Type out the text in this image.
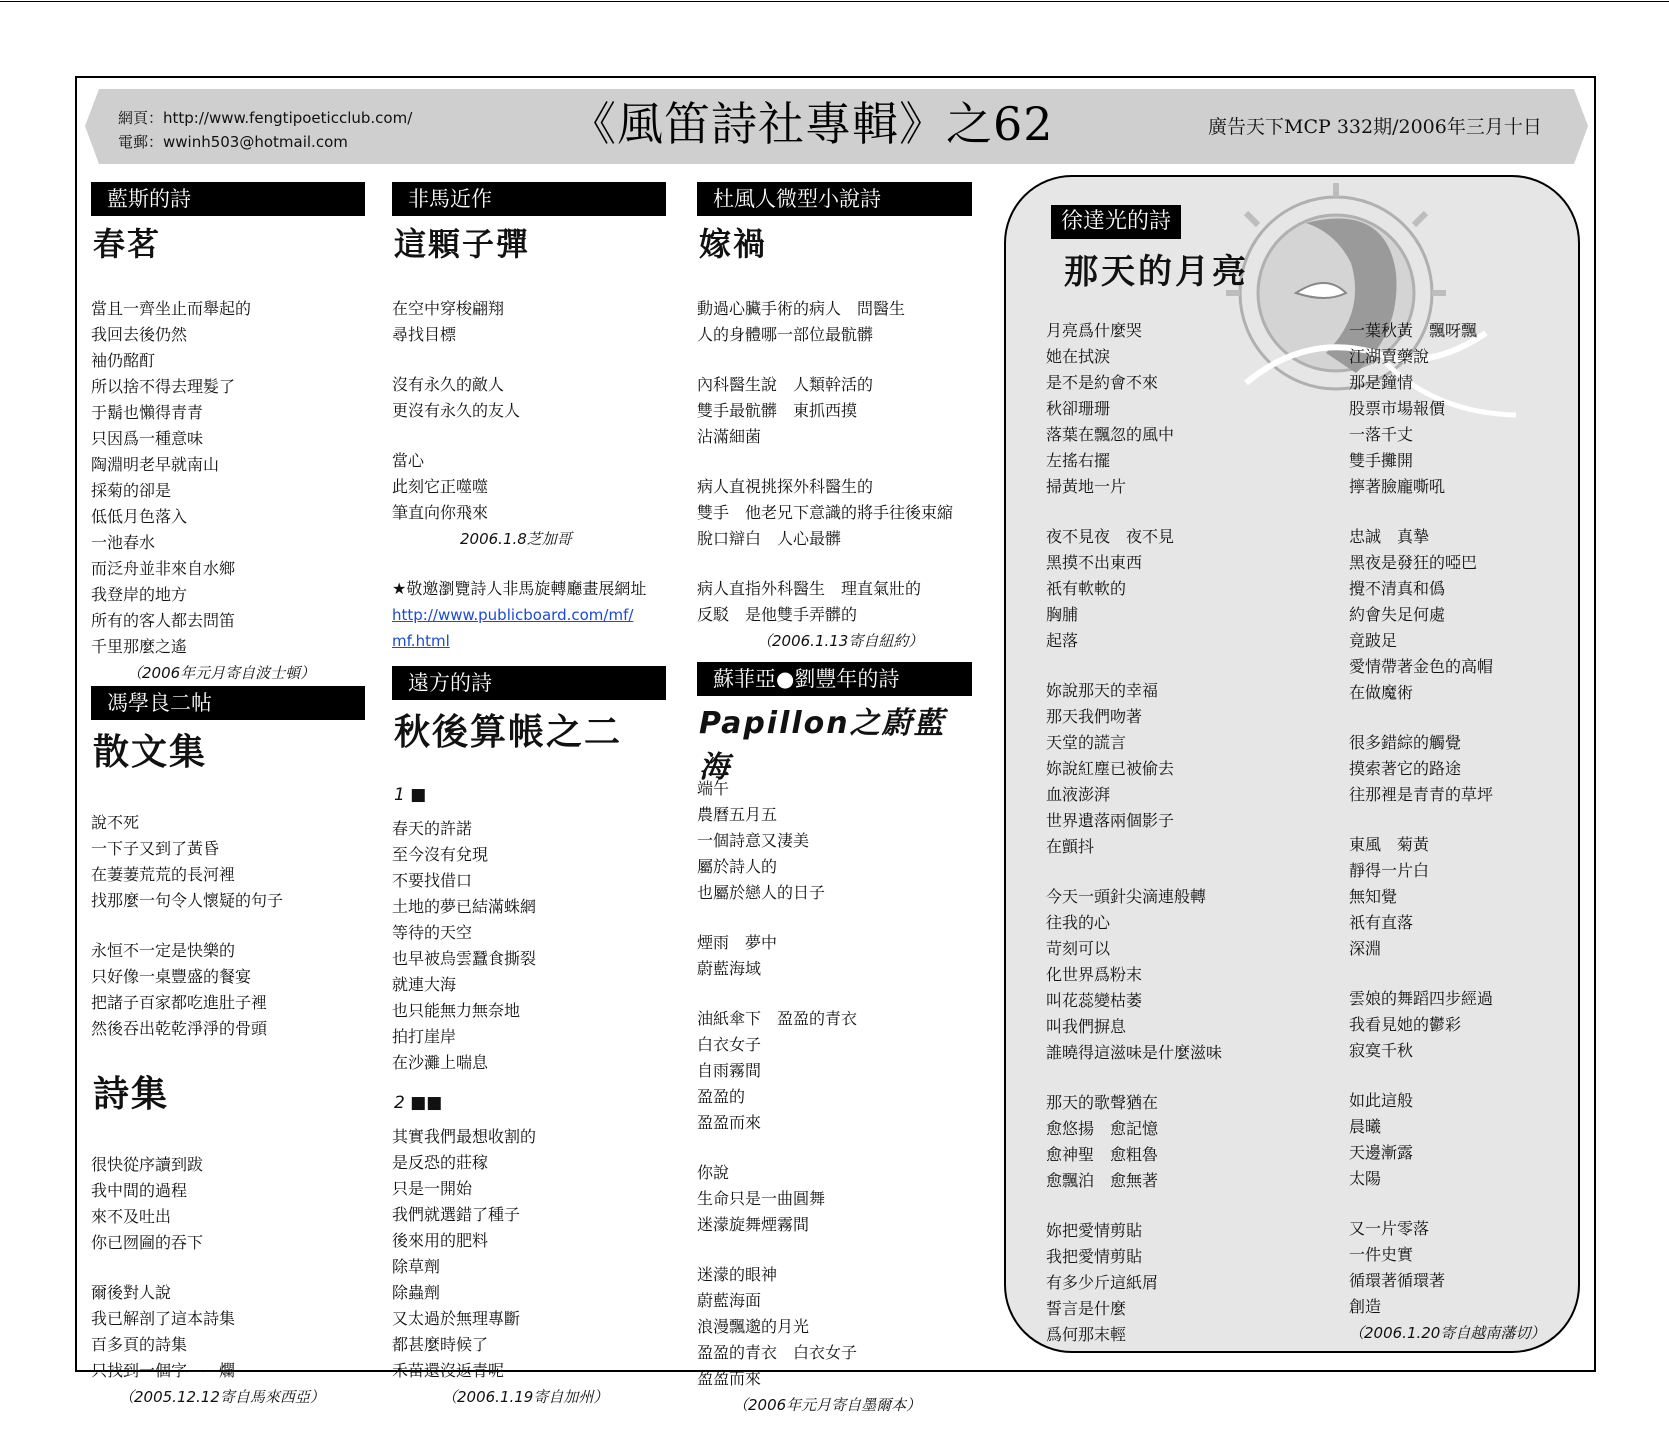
網頁：http://www.fengtipoeticclub.com/
電郵：wwinh503@hotmail.com	《風笛詩社專輯》之62	廣告天下MCP 332期/2006年三月十日
藍斯的詩
春茗
當且一齊坐止而舉起的
我回去後仍然
袖仍酩酊
所以捨不得去理髮了
于鬍也懶得青青
只因爲一種意味
陶淵明老早就南山
採菊的卻是
低低月色落入
一池春水
而泛舟並非來自水鄉
我登岸的地方
所有的客人都去問笛
千里那麼之遙
（2006年元月寄自波士頓）
馮學良二帖
散文集
說不死
一下子又到了黃昏
在萋萋荒荒的長河裡
找那麼一句令人懷疑的句子
永恒不一定是快樂的
只好像一桌豐盛的餐宴
把諸子百家都吃進肚子裡
然後吞出乾乾淨淨的骨頭
詩集
很快從序讀到跋
我中間的過程
來不及吐出
你已囫圇的吞下
爾後對人說
我已解剖了這本詩集
百多頁的詩集
只找到一個字——爛
（2005.12.12寄自馬來西亞）
非馬近作
這顆子彈
在空中穿梭翩翔
尋找目標
沒有永久的敵人
更沒有永久的友人
當心
此刻它正噬噬
筆直向你飛來
2006.1.8芝加哥
★敬邀瀏覽詩人非馬旋轉廳畫展網址
http://www.publicboard.com/mf/
mf.html
遠方的詩
秋後算帳之二
1 ■
春天的許諾
至今沒有兌現
不要找借口
土地的夢已結滿蛛網
等待的天空
也早被烏雲蠶食撕裂
就連大海
也只能無力無奈地
拍打崖岸
在沙灘上喘息
2 ■■
其實我們最想收割的
是反恐的莊稼
只是一開始
我們就選錯了種子
後來用的肥料
除草劑
除蟲劑
又太過於無理專斷
都甚麼時候了
禾苗還沒返青呢
（2006.1.19寄自加州）
杜風人微型小說詩
嫁禍
動過心臟手術的病人　問醫生
人的身體哪一部位最骯髒
內科醫生說　人類幹活的
雙手最骯髒　東抓西摸
沾滿細菌
病人直視挑探外科醫生的
雙手　他老兄下意識的將手往後束縮
脫口辯白　人心最髒
病人直指外科醫生　理直氣壯的
反駁　是他雙手弄髒的
（2006.1.13寄自紐約）
蘇菲亞●劉豐年的詩
Papillon之蔚藍海
端午
農曆五月五
一個詩意又淒美
屬於詩人的
也屬於戀人的日子
煙雨　夢中
蔚藍海域
油紙傘下　盈盈的青衣
白衣女子
自雨霧間
盈盈的
盈盈而來
你說
生命只是一曲圓舞
迷濛旋舞煙霧間
迷濛的眼神
蔚藍海面
浪漫飄邈的月光
盈盈的青衣　白衣女子
盈盈而來
（2006年元月寄自墨爾本）
徐達光的詩
那天的月亮
月亮爲什麼哭
她在拭淚
是不是約會不來
秋卻珊珊
落葉在飄忽的風中
左搖右擺
掃黃地一片
夜不見夜　夜不見
黑摸不出東西
祇有軟軟的
胸脯
起落
妳說那天的幸福
那天我們吻著
天堂的謊言
妳說紅塵已被偷去
血液澎湃
世界遺落兩個影子
在顫抖
今天一頭針尖滴連般轉
往我的心
苛刻可以
化世界爲粉末
叫花蕊變枯萎
叫我們摒息
誰曉得這滋味是什麼滋味
那天的歌聲猶在
愈悠揚　愈記憶
愈神聖　愈粗魯
愈飄泊　愈無著
妳把愛情剪貼
我把愛情剪貼
有多少斤這紙屑
誓言是什麼
爲何那末輕
一葉秋黃　飄呀飄
江湖賣藥說
那是鐘情
股票市場報價
一落千丈
雙手攤開
擰著臉龐嘶吼
忠誠　真摯
黑夜是發狂的啞巴
攪不清真和僞
約會失足何處
竟跛足
愛情帶著金色的高帽
在做魔術
很多錯綜的觸覺
摸索著它的路途
往那裡是青青的草坪
東風　菊黃
靜得一片白
無知覺
祇有直落
深淵
雲娘的舞蹈四步經過
我看見她的鬱彩
寂寞千秋
如此這般
晨曦
天邊漸露
太陽
又一片零落
一件史實
循環著循環著
創造
（2006.1.20寄自越南藩切）
